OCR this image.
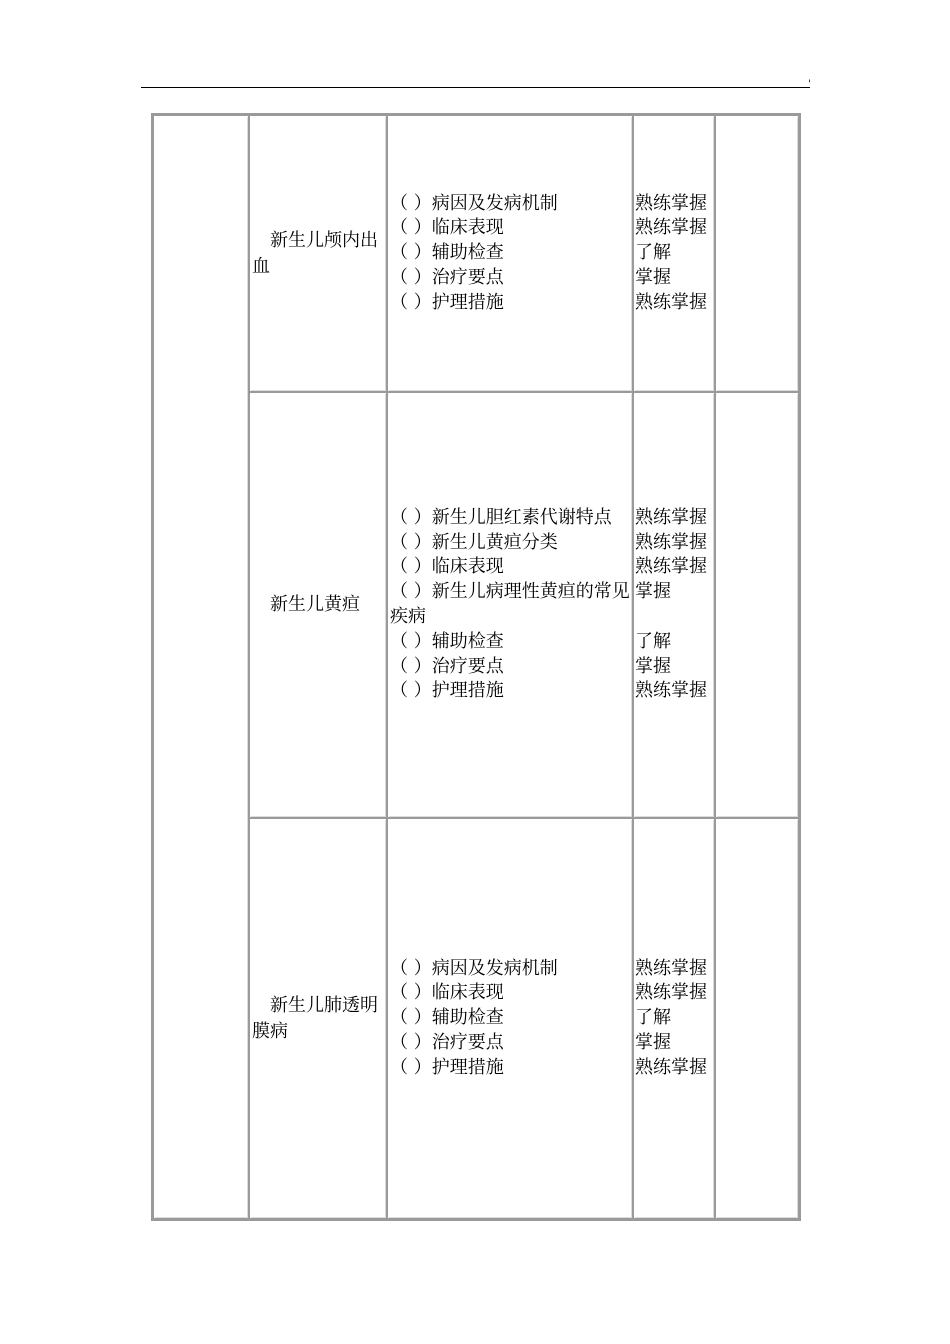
'
新生儿颅内出血
（ ）病因及发病机制
（ ）临床表现
（ ）辅助检查
（ ）治疗要点
（ ）护理措施
熟练掌握
熟练掌握
了解
掌握
熟练掌握
新生儿黄疸
（ ）新生儿胆红素代谢特点
（ ）新生儿黄疸分类
（ ）临床表现
（ ）新生儿病理性黄疸的常见疾病
（ ）辅助检查
（ ）治疗要点
（ ）护理措施
熟练掌握
熟练掌握
熟练掌握
掌握
了解
掌握
熟练掌握
新生儿肺透明膜病
（ ）病因及发病机制
（ ）临床表现
（ ）辅助检查
（ ）治疗要点
（ ）护理措施
熟练掌握
熟练掌握
了解
掌握
熟练掌握
